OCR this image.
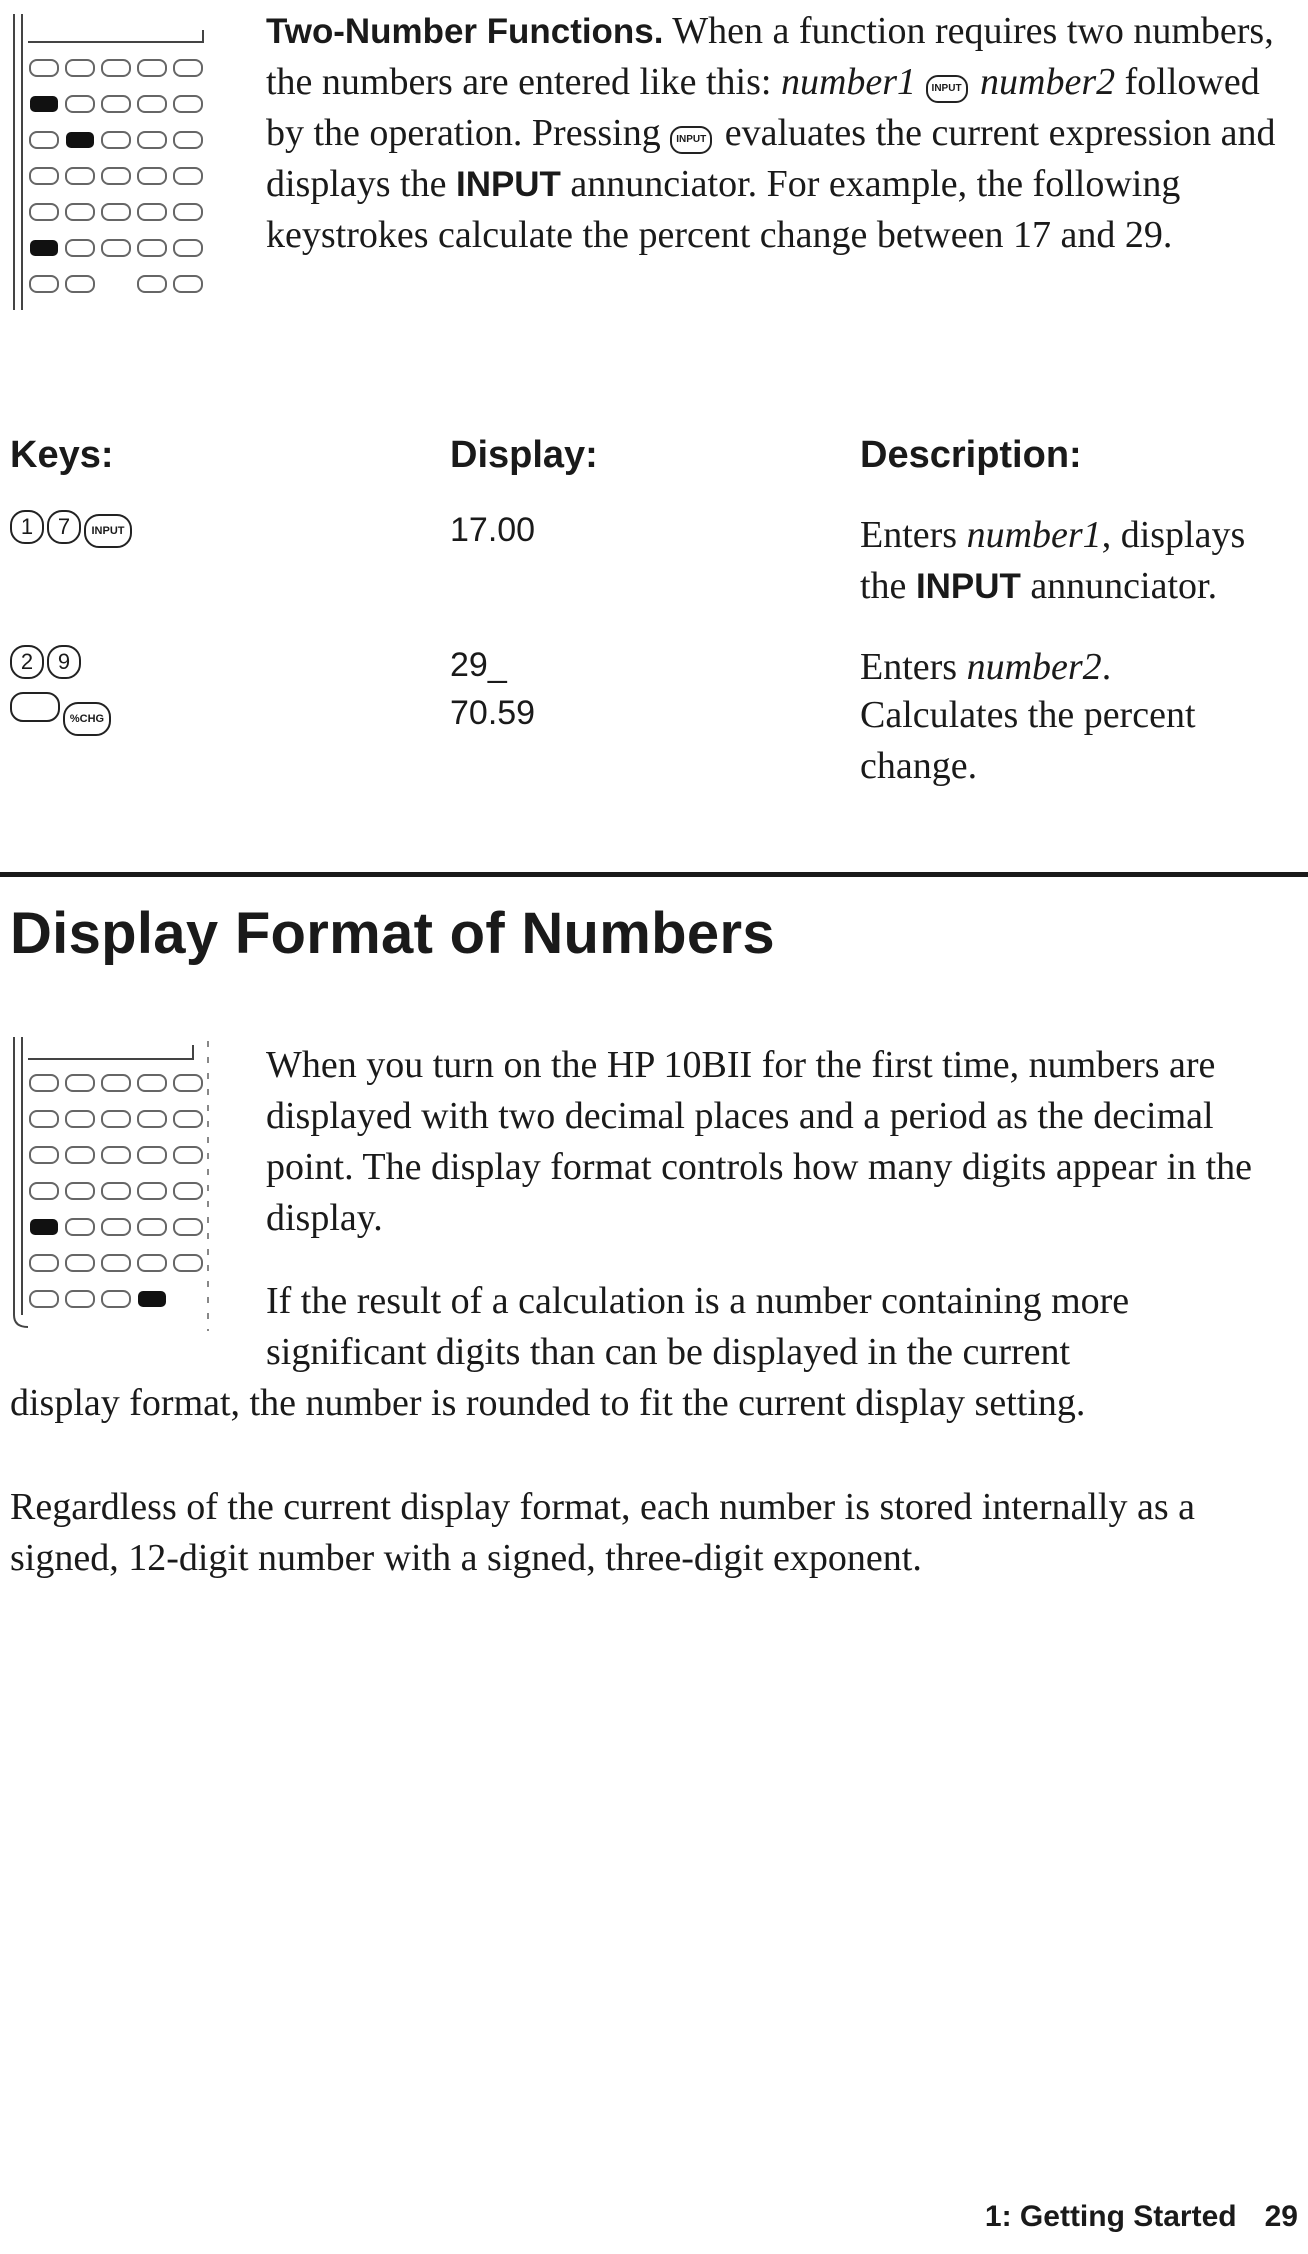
Two-Number Functions. When a function requires two numbers, the numbers are entered like this: number1 INPUT number2 followed by the operation. Pressing INPUT evaluates the current expression and displays the INPUT annunciator. For example, the following keystrokes calculate the percent change between 17 and 29.

Keys:	Display:	Description:
1 7 INPUT	17.00	Enters number1, displays the INPUT annunciator.
2 9	29_	Enters number2.
%CHG	70.59	Calculates the percent change.
Display Format of Numbers

When you turn on the HP 10BII for the first time, numbers are displayed with two decimal places and a period as the decimal point. The display format controls how many digits appear in the display.

If the result of a calculation is a number containing more significant digits than can be displayed in the current

display format, the number is rounded to fit the current display setting.

Regardless of the current display format, each number is stored internally as a signed, 12-digit number with a signed, three-digit exponent.

1: Getting Started 29
